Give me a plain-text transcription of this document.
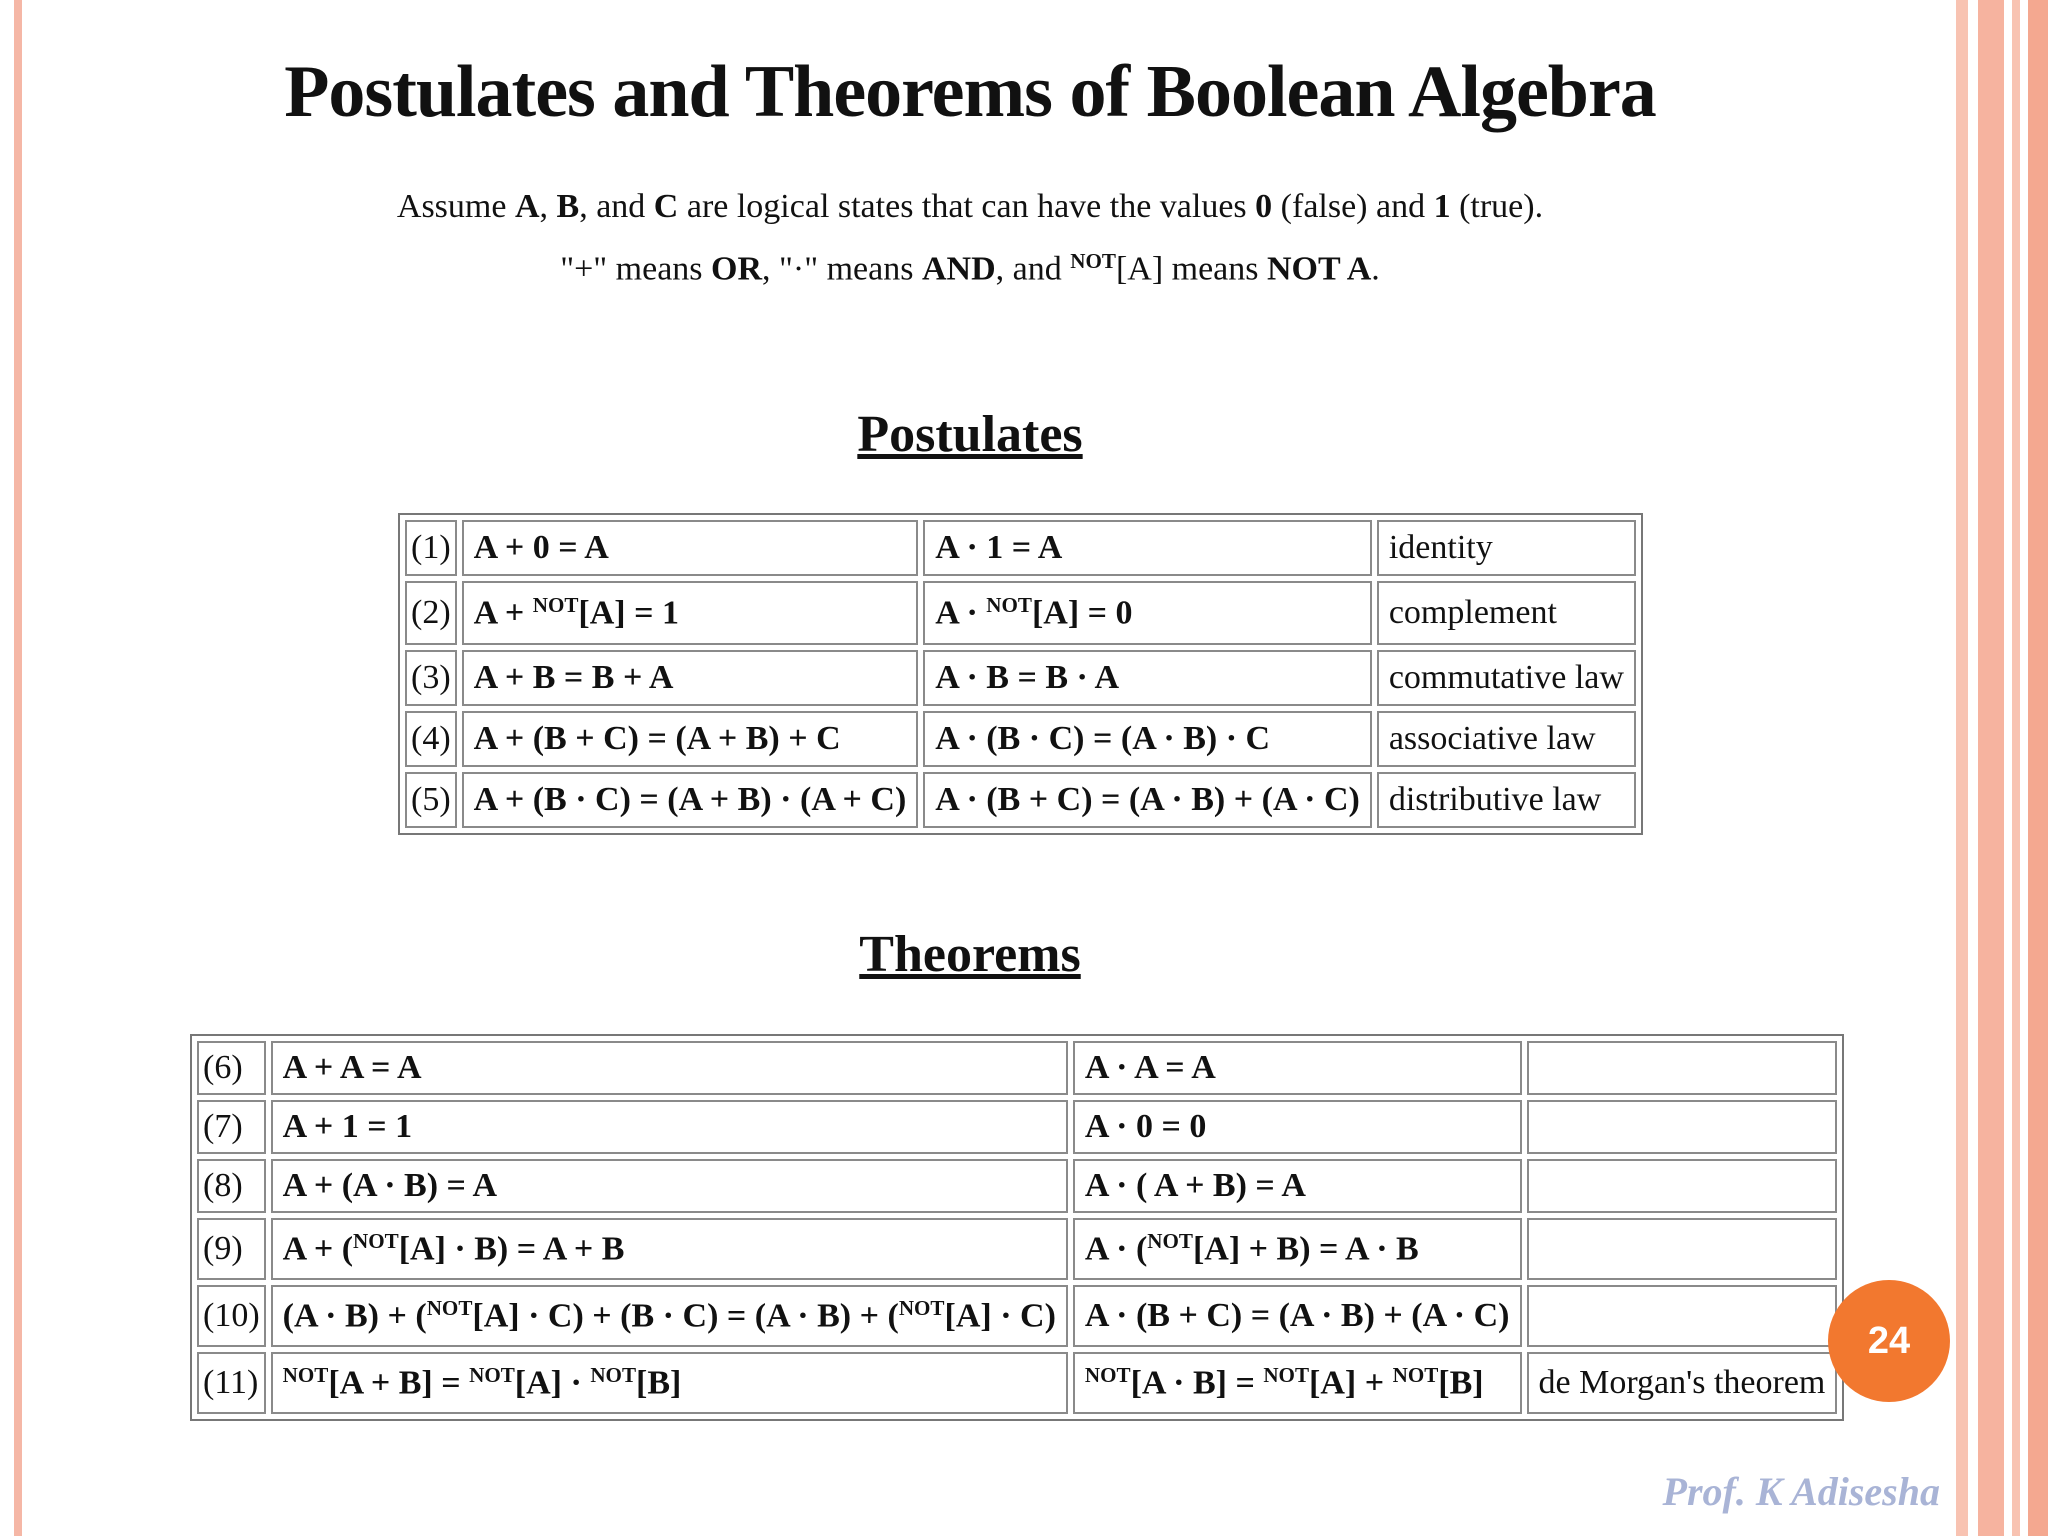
Postulates and Theorems of Boolean Algebra
Assume A, B, and C are logical states that can have the values 0 (false) and 1 (true).
"+" means OR, "·" means AND, and $^{NOT}$[A] means NOT A.
Postulates
(1)	A + 0 = A	A · 1 = A	identity
(2)	A + $^{NOT}$[A] = 1	A · $^{NOT}$[A] = 0	complement
(3)	A + B = B + A	A · B = B · A	commutative law
(4)	A + (B + C) = (A + B) + C	A · (B · C) = (A · B) · C	associative law
(5)	A + (B · C) = (A + B) · (A + C)	A · (B + C) = (A · B) + (A · C)	distributive law
Theorems
(6)	A + A = A	A · A = A	
(7)	A + 1 = 1	A · 0 = 0	
(8)	A + (A · B) = A	A · ( A + B) = A	
(9)	A + ($^{NOT}$[A] · B) = A + B	A · ($^{NOT}$[A] + B) = A · B	
(10)	(A · B) + ($^{NOT}$[A] · C) + (B · C) = (A · B) + ($^{NOT}$[A] · C)	A · (B + C) = (A · B) + (A · C)	
(11)	$^{NOT}$[A + B] = $^{NOT}$[A] · $^{NOT}$[B]	$^{NOT}$[A · B] = $^{NOT}$[A] + $^{NOT}$[B]	de Morgan's theorem
24
Prof. K Adisesha
